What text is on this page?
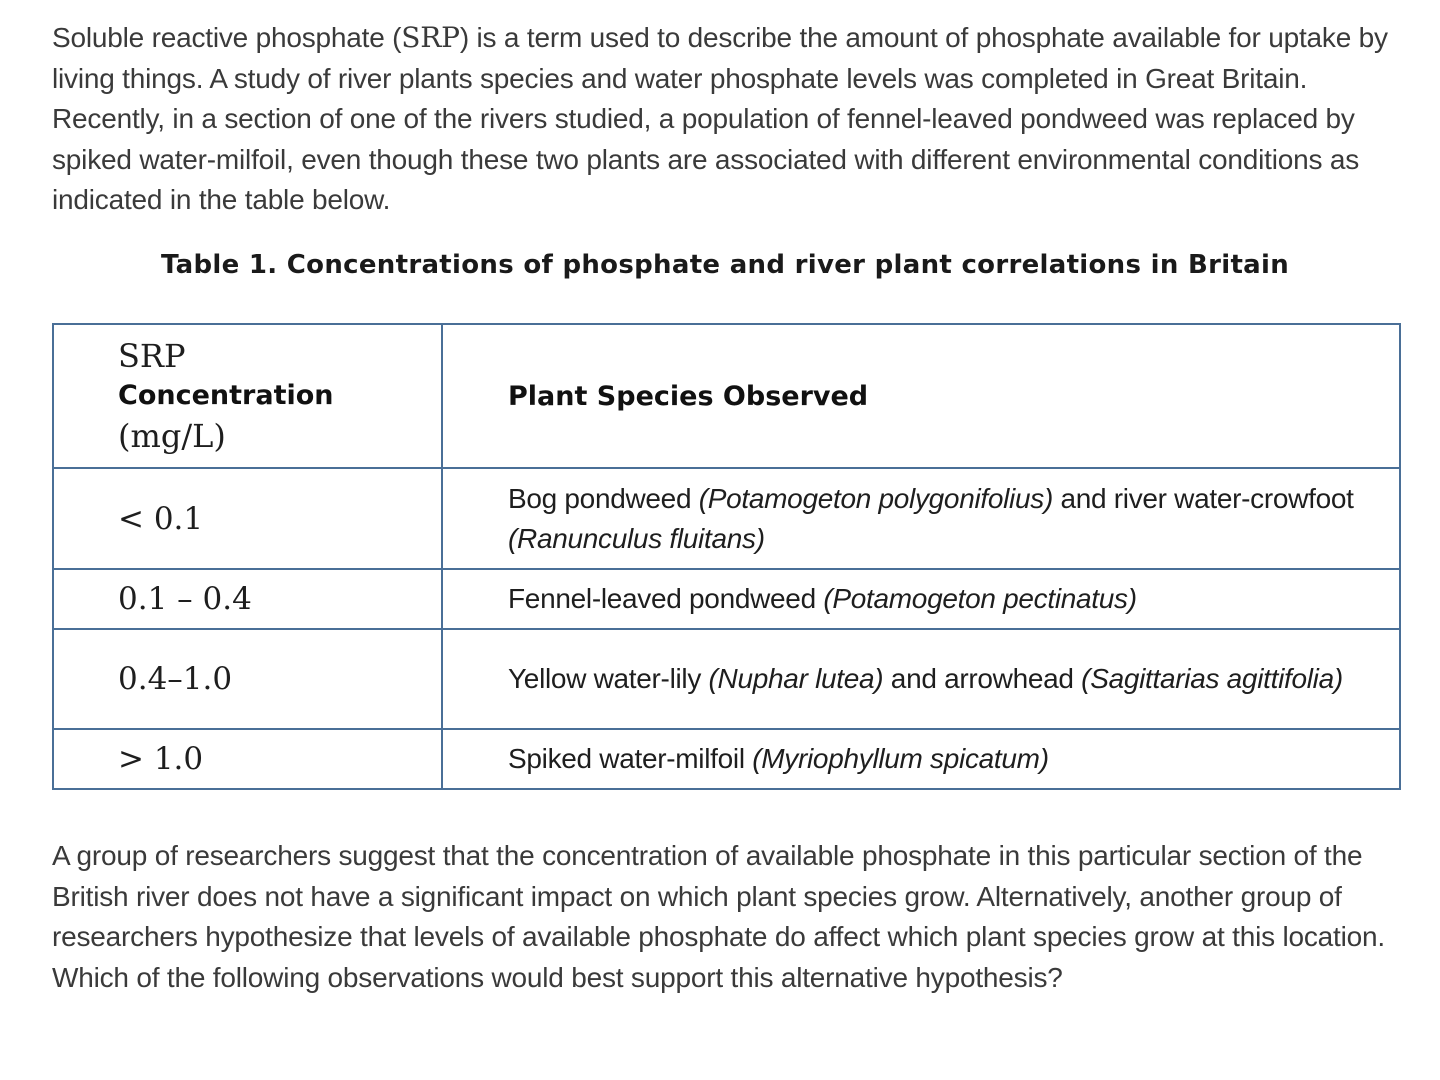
Soluble reactive phosphate (SRP) is a term used to describe the amount of phosphate available for uptake by living things. A study of river plants species and water phosphate levels was completed in Great Britain. Recently, in a section of one of the rivers studied, a population of fennel-leaved pondweed was replaced by spiked water-milfoil, even though these two plants are associated with different environmental conditions as indicated in the table below.

Table 1. Concentrations of phosphate and river plant correlations in Britain
SRP
Concentration
(mg/L)	Plant Species Observed
< 0.1	Bog pondweed (Potamogeton polygonifolius) and river water-crowfoot (Ranunculus fluitans)
0.1 – 0.4	Fennel-leaved pondweed (Potamogeton pectinatus)
0.4–1.0	Yellow water-lily (Nuphar lutea) and arrowhead (Sagittarias agittifolia)
> 1.0	Spiked water-milfoil (Myriophyllum spicatum)

A group of researchers suggest that the concentration of available phosphate in this particular section of the British river does not have a significant impact on which plant species grow. Alternatively, another group of researchers hypothesize that levels of available phosphate do affect which plant species grow at this location. Which of the following observations would best support this alternative hypothesis?
